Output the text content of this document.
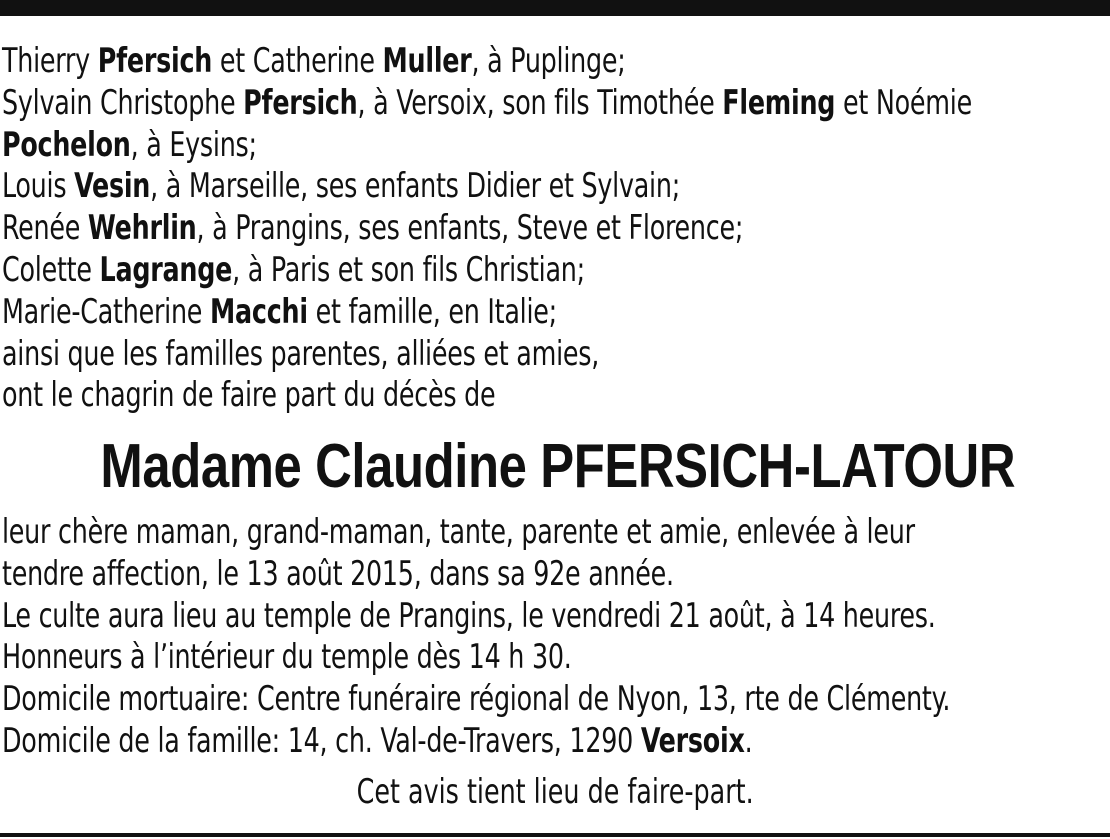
Thierry Pfersich et Catherine Muller, à Puplinge;
Sylvain Christophe Pfersich, à Versoix, son fils Timothée Fleming et Noémie
Pochelon, à Eysins;
Louis Vesin, à Marseille, ses enfants Didier et Sylvain;
Renée Wehrlin, à Prangins, ses enfants, Steve et Florence;
Colette Lagrange, à Paris et son fils Christian;
Marie-Catherine Macchi et famille, en Italie;
ainsi que les familles parentes, alliées et amies,
ont le chagrin de faire part du décès de
Madame Claudine PFERSICH-LATOUR
leur chère maman, grand-maman, tante, parente et amie, enlevée à leur
tendre affection, le 13 août 2015, dans sa 92e année.
Le culte aura lieu au temple de Prangins, le vendredi 21 août, à 14 heures.
Honneurs à l’intérieur du temple dès 14 h 30.
Domicile mortuaire: Centre funéraire régional de Nyon, 13, rte de Clémenty.
Domicile de la famille: 14, ch. Val-de-Travers, 1290 Versoix.
Cet avis tient lieu de faire-part.
